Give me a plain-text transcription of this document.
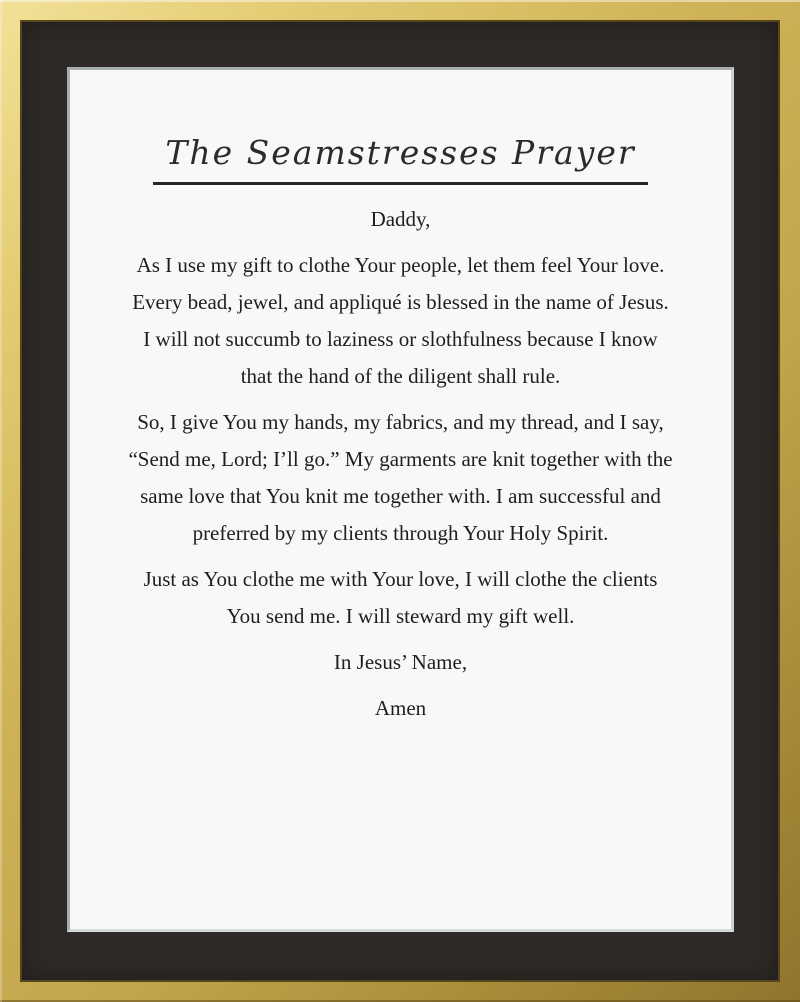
The Seamstresses Prayer

Daddy,

As I use my gift to clothe Your people, let them feel Your love. Every bead, jewel, and appliqué is blessed in the name of Jesus. I will not succumb to laziness or slothfulness because I know that the hand of the diligent shall rule.

So, I give You my hands, my fabrics, and my thread, and I say, “Send me, Lord; I’ll go.” My garments are knit together with the same love that You knit me together with. I am successful and preferred by my clients through Your Holy Spirit.

Just as You clothe me with Your love, I will clothe the clients You send me. I will steward my gift well.

In Jesus’ Name,

Amen
